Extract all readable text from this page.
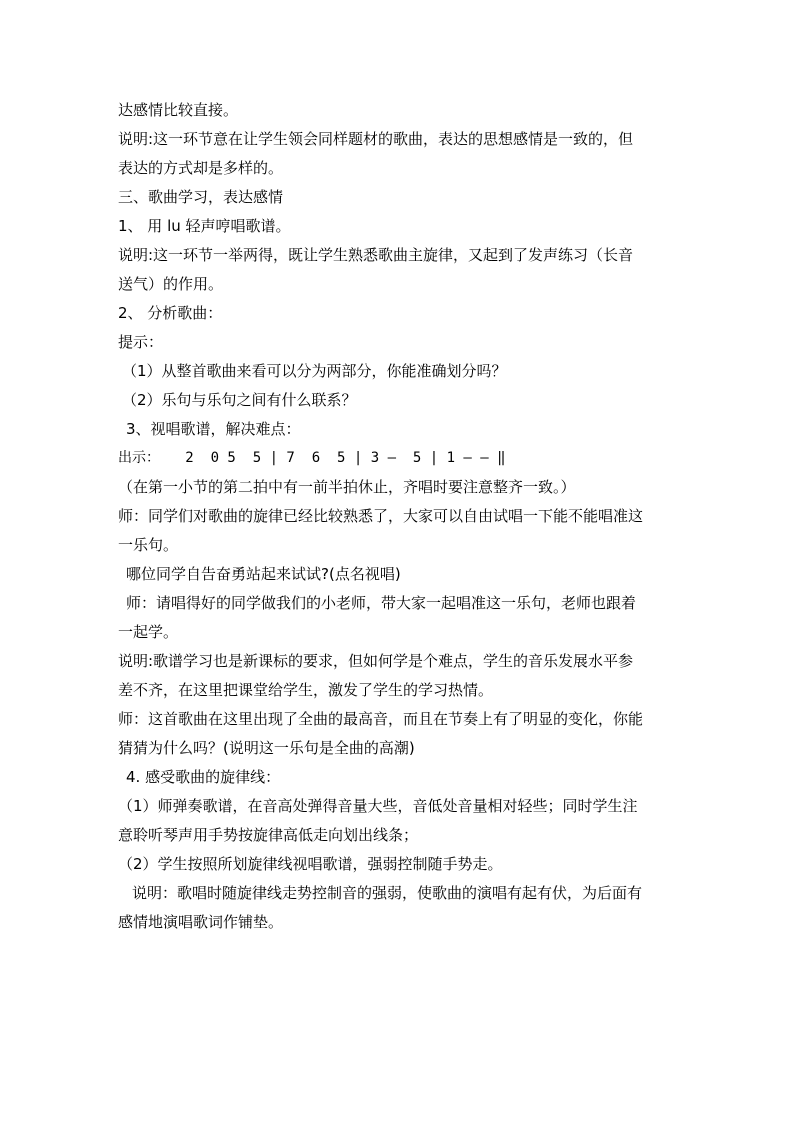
达感情比较直接。
说明:这一环节意在让学生领会同样题材的歌曲，表达的思想感情是一致的，但
表达的方式却是多样的。
三、歌曲学习，表达感情
1、 用 lu 轻声哼唱歌谱。
说明:这一环节一举两得，既让学生熟悉歌曲主旋律，又起到了发声练习（长音
送气）的作用。
2、 分析歌曲：
提示：
（1）从整首歌曲来看可以分为两部分，你能准确划分吗？
（2）乐句与乐句之间有什么联系？
3、视唱歌谱，解决难点：
出示：   2  0 5  5 | 7  6  5 | 3 —  5 | 1 — — ‖
（在第一小节的第二拍中有一前半拍休止，齐唱时要注意整齐一致。）
师：同学们对歌曲的旋律已经比较熟悉了，大家可以自由试唱一下能不能唱准这
一乐句。
哪位同学自告奋勇站起来试试?(点名视唱)
师：请唱得好的同学做我们的小老师，带大家一起唱准这一乐句，老师也跟着
一起学。
说明:歌谱学习也是新课标的要求，但如何学是个难点，学生的音乐发展水平参
差不齐，在这里把课堂给学生，激发了学生的学习热情。
师：这首歌曲在这里出现了全曲的最高音，而且在节奏上有了明显的变化，你能
猜猜为什么吗？(说明这一乐句是全曲的高潮)
4. 感受歌曲的旋律线：
（1）师弹奏歌谱，在音高处弹得音量大些，音低处音量相对轻些；同时学生注
意聆听琴声用手势按旋律高低走向划出线条；
（2）学生按照所划旋律线视唱歌谱，强弱控制随手势走。
说明：歌唱时随旋律线走势控制音的强弱，使歌曲的演唱有起有伏，为后面有
感情地演唱歌词作铺垫。
